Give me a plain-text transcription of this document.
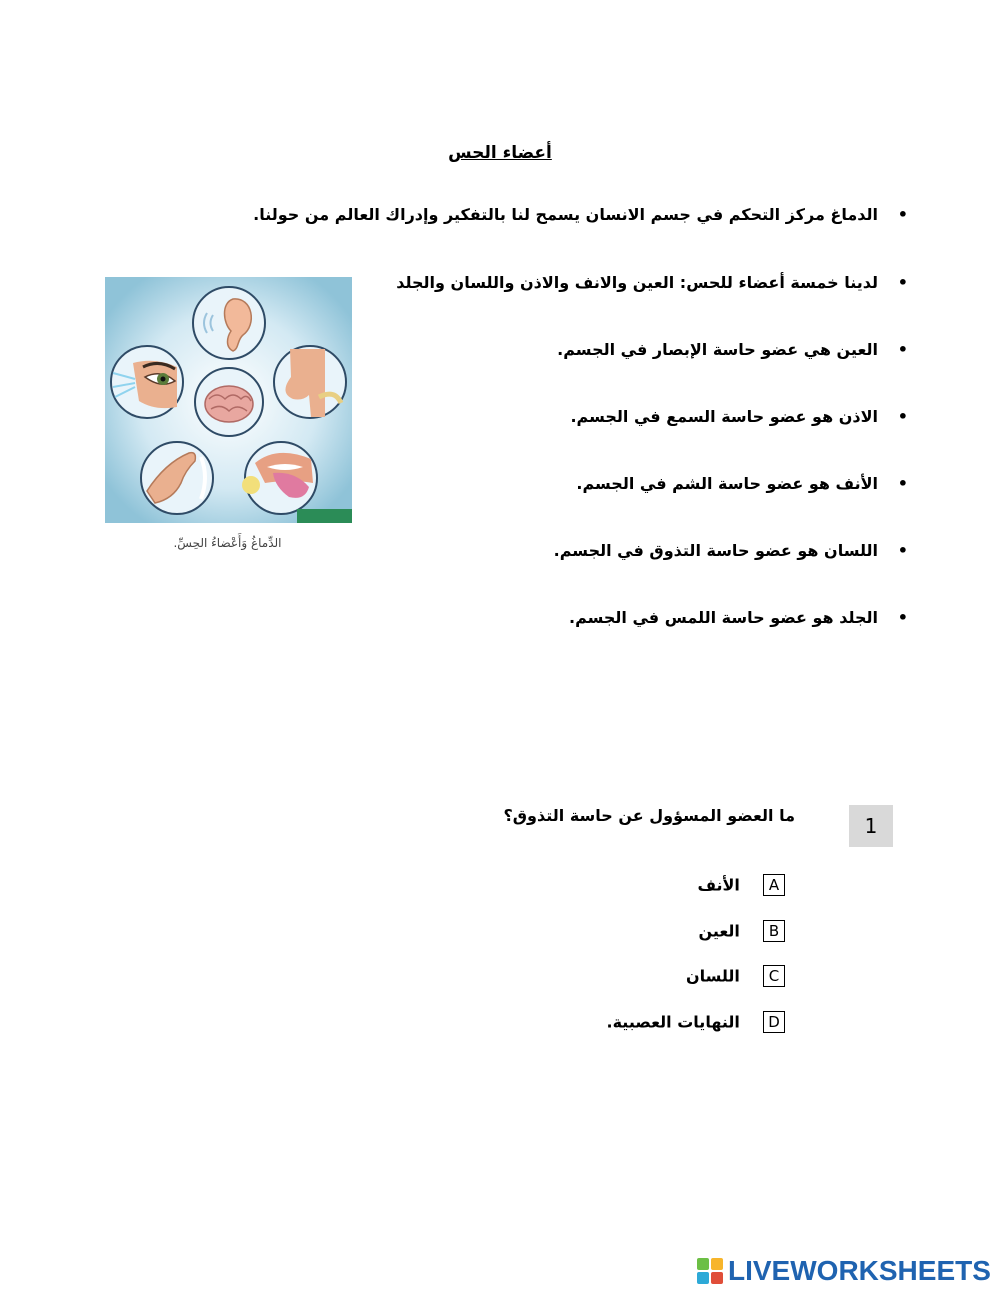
أعضاء الحس
• الدماغ مركز التحكم في جسم الانسان يسمح لنا بالتفكير وإدراك العالم من حولنا.
• لدينا خمسة أعضاء للحس: العين والانف والاذن واللسان والجلد
• العين هي عضو حاسة الإبصار في الجسم.
• الاذن هو عضو حاسة السمع في الجسم.
• الأنف هو عضو حاسة الشم في الجسم.
• اللسان هو عضو حاسة التذوق في الجسم.
• الجلد هو عضو حاسة اللمس في الجسم.
الدِّماغُ وَأَعْضاءُ الحِسِّ.
1
ما العضو المسؤول عن حاسة التذوق؟
A الأنف
B العين
C اللسان
D النهايات العصبية.
LIVEWORKSHEETS
